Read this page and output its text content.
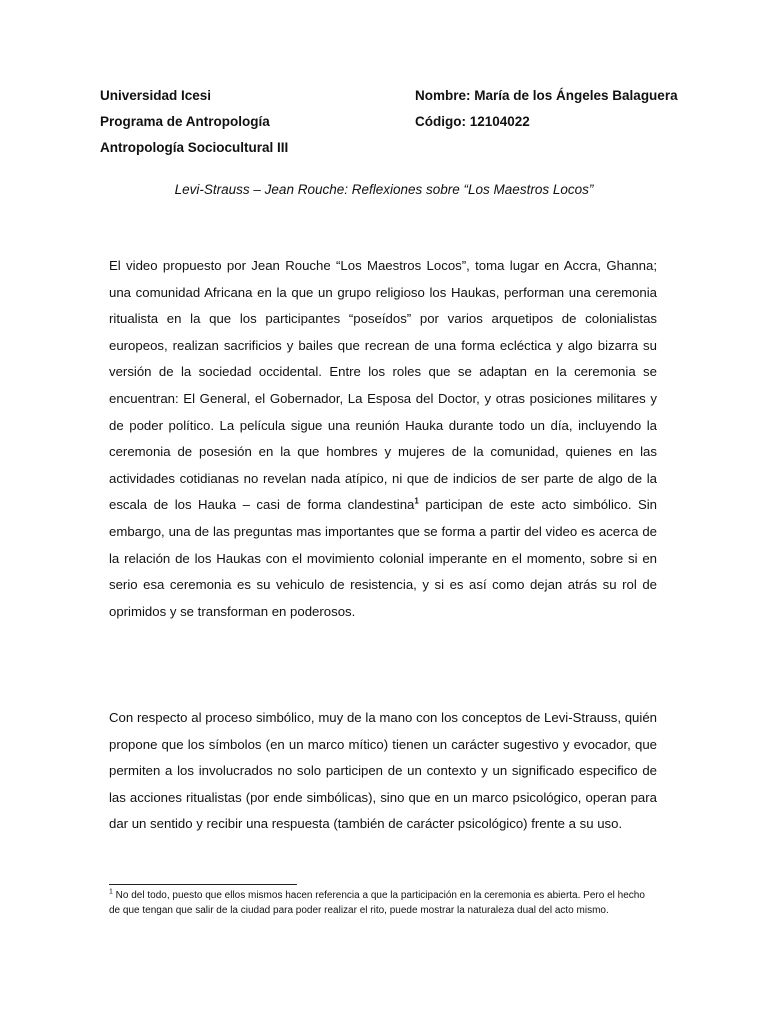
Universidad Icesi
Programa de Antropología
Antropología Sociocultural III
Nombre: María de los Ángeles Balaguera
Código: 12104022
Levi-Strauss – Jean Rouche: Reflexiones sobre “Los Maestros Locos”

El video propuesto por Jean Rouche “Los Maestros Locos”, toma lugar en Accra, Ghanna; una comunidad Africana en la que un grupo religioso los Haukas, performan una ceremonia ritualista en la que los participantes “poseídos” por varios arquetipos de colonialistas europeos, realizan sacrificios y bailes que recrean de una forma ecléctica y algo bizarra su versión de la sociedad occidental. Entre los roles que se adaptan en la ceremonia se encuentran: El General, el Gobernador, La Esposa del Doctor, y otras posiciones militares y de poder político. La película sigue una reunión Hauka durante todo un día, incluyendo la ceremonia de posesión en la que hombres y mujeres de la comunidad, quienes en las actividades cotidianas no revelan nada atípico, ni que de indicios de ser parte de algo de la escala de los Hauka – casi de forma clandestina$^1$ participan de este acto simbólico. Sin embargo, una de las preguntas mas importantes que se forma a partir del video es acerca de la relación de los Haukas con el movimiento colonial imperante en el momento, sobre si en serio esa ceremonia es su vehiculo de resistencia, y si es así como dejan atrás su rol de oprimidos y se transforman en poderosos.

Con respecto al proceso simbólico, muy de la mano con los conceptos de Levi-Strauss, quién propone que los símbolos (en un marco mítico) tienen un carácter sugestivo y evocador, que permiten a los involucrados no solo participen de un contexto y un significado especifico de las acciones ritualistas (por ende simbólicas), sino que en un marco psicológico, operan para dar un sentido y recibir una respuesta (también de carácter psicológico) frente a su uso.

$^1$ No del todo, puesto que ellos mismos hacen referencia a que la participación en la ceremonia es abierta. Pero el hecho de que tengan que salir de la ciudad para poder realizar el rito, puede mostrar la naturaleza dual del acto mismo.
